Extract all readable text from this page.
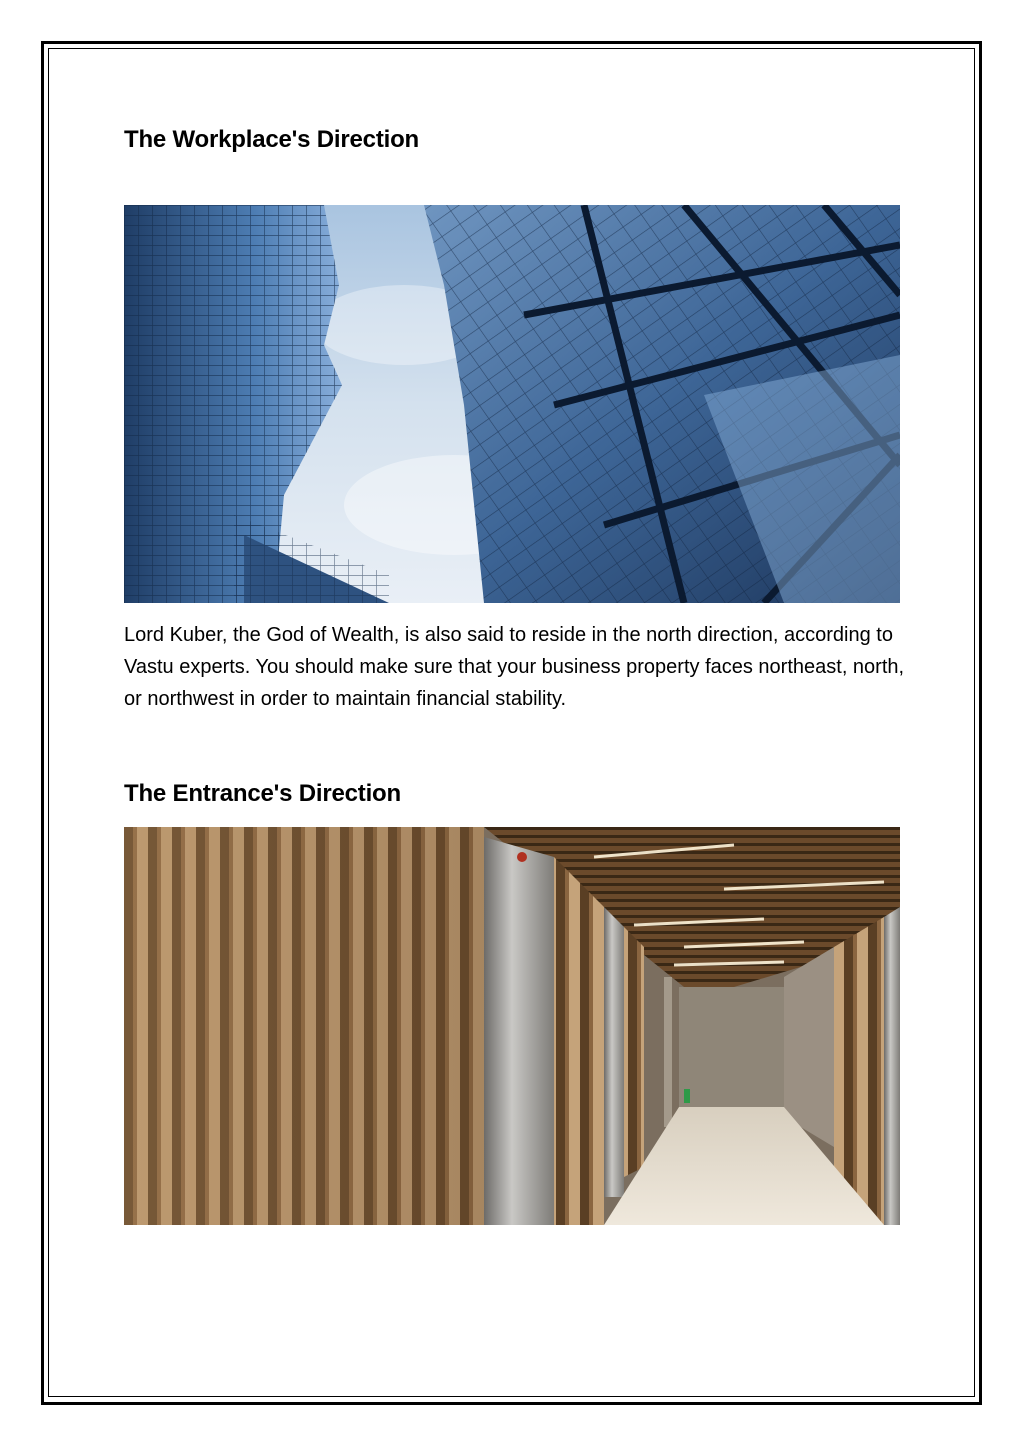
The Workplace's Direction

Lord Kuber, the God of Wealth, is also said to reside in the north direction, according to Vastu experts. You should make sure that your business property faces northeast, north, or northwest in order to maintain financial stability.

The Entrance's Direction
